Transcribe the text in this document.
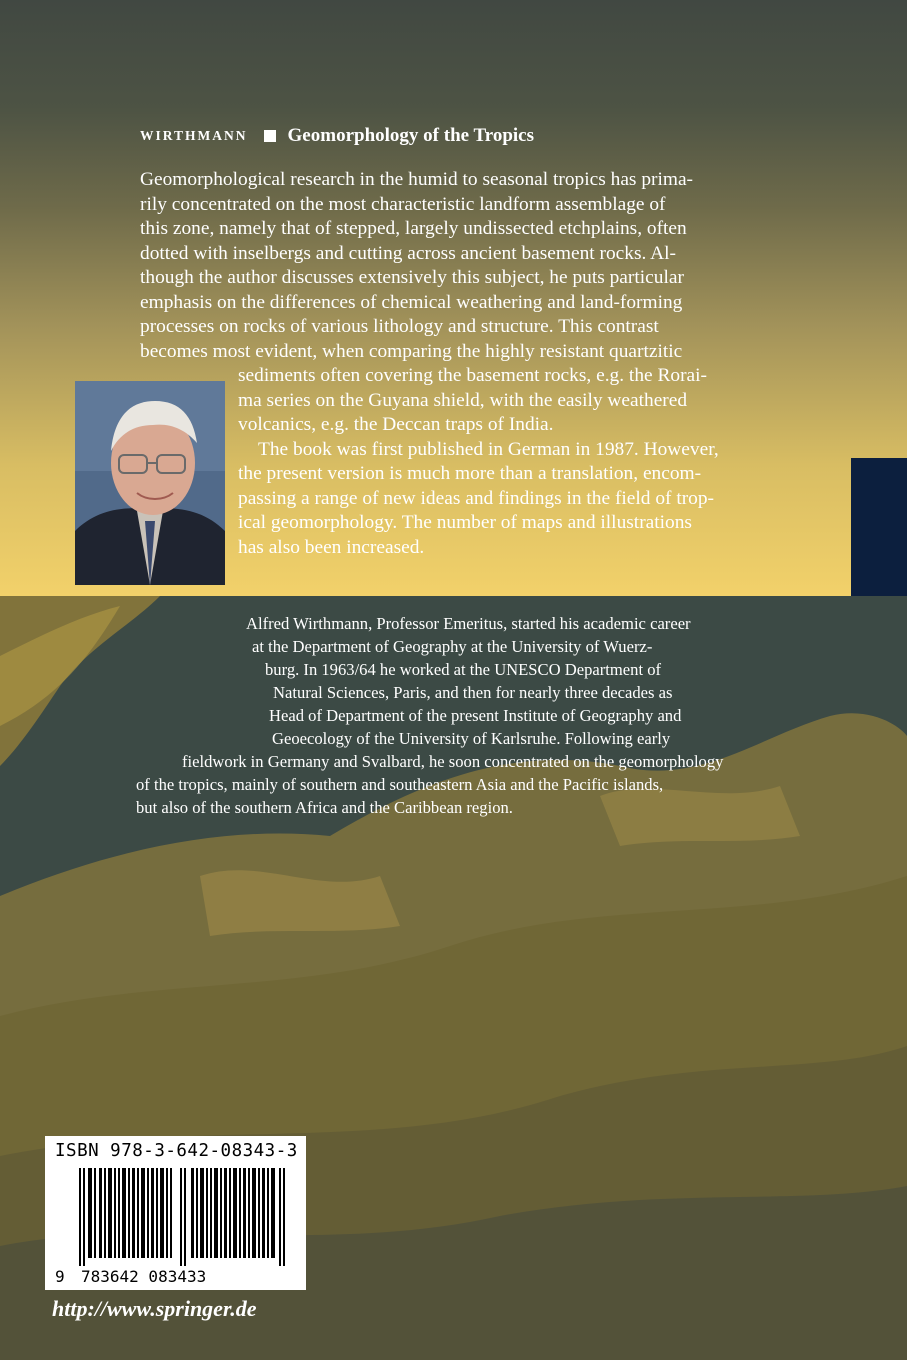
WIRTHMANN Geomorphology of the Tropics
Geomorphological research in the humid to seasonal tropics has prima-
rily concentrated on the most characteristic landform assemblage of
this zone, namely that of stepped, largely undissected etchplains, often
dotted with inselbergs and cutting across ancient basement rocks. Al-
though the author discusses extensively this subject, he puts particular
emphasis on the differences of chemical weathering and land-forming
processes on rocks of various lithology and structure. This contrast
becomes most evident, when comparing the highly resistant quartzitic
sediments often covering the basement rocks, e.g. the Rorai-
ma series on the Guyana shield, with the easily weathered
volcanics, e.g. the Deccan traps of India.
The book was first published in German in 1987. However,
the present version is much more than a translation, encom-
passing a range of new ideas and findings in the field of trop-
ical geomorphology. The number of maps and illustrations
has also been increased.
Alfred Wirthmann, Professor Emeritus, started his academic career
at the Department of Geography at the University of Wuerz-
burg. In 1963/64 he worked at the UNESCO Department of
Natural Sciences, Paris, and then for nearly three decades as
Head of Department of the present Institute of Geography and
Geoecology of the University of Karlsruhe. Following early
fieldwork in Germany and Svalbard, he soon concentrated on the geomorphology
of the tropics, mainly of southern and southeastern Asia and the Pacific islands,
but also of the southern Africa and the Caribbean region.
ISBN 978-3-642-08343-3
9 783642 083433
http://www.springer.de
